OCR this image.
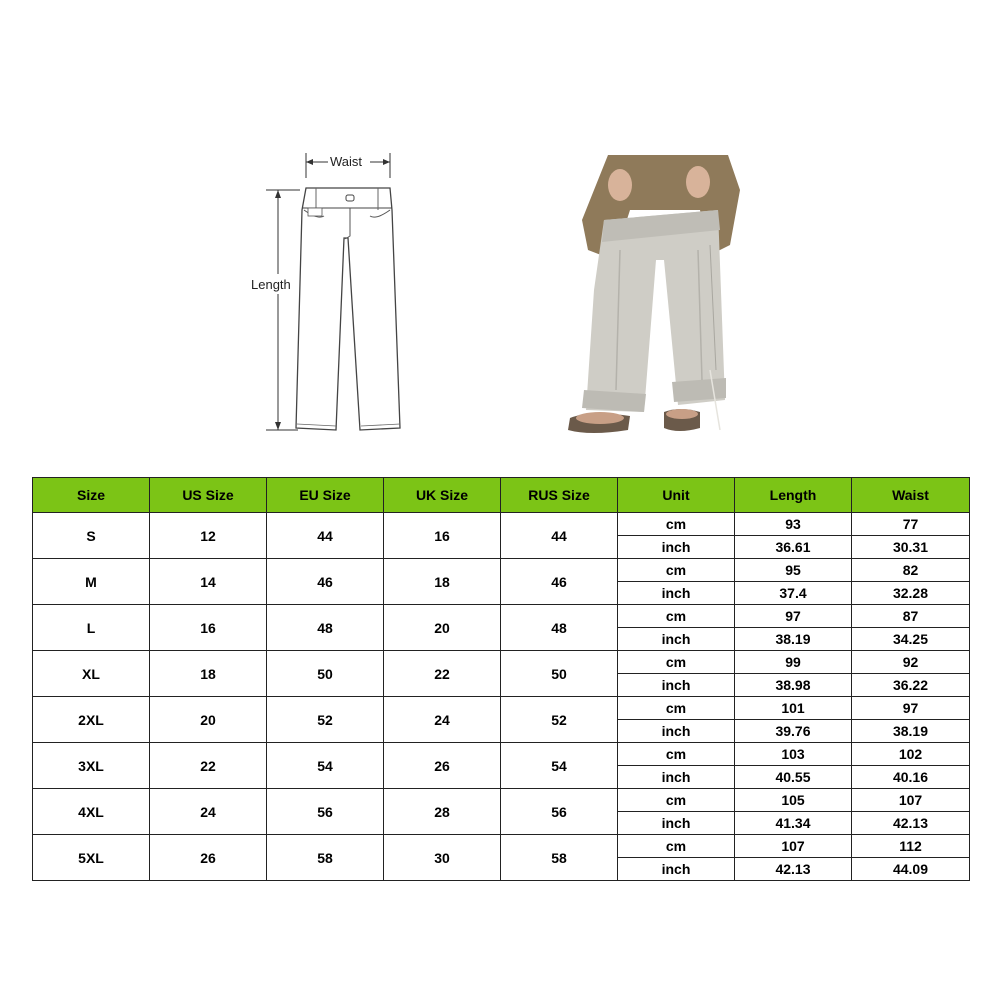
Waist
Length
Size	US Size	EU Size	UK Size	RUS Size	Unit	Length	Waist
S	12	44	16	44	cm	93	77
					inch	36.61	30.31
M	14	46	18	46	cm	95	82
					inch	37.4	32.28
L	16	48	20	48	cm	97	87
					inch	38.19	34.25
XL	18	50	22	50	cm	99	92
					inch	38.98	36.22
2XL	20	52	24	52	cm	101	97
					inch	39.76	38.19
3XL	22	54	26	54	cm	103	102
					inch	40.55	40.16
4XL	24	56	28	56	cm	105	107
					inch	41.34	42.13
5XL	26	58	30	58	cm	107	112
					inch	42.13	44.09
